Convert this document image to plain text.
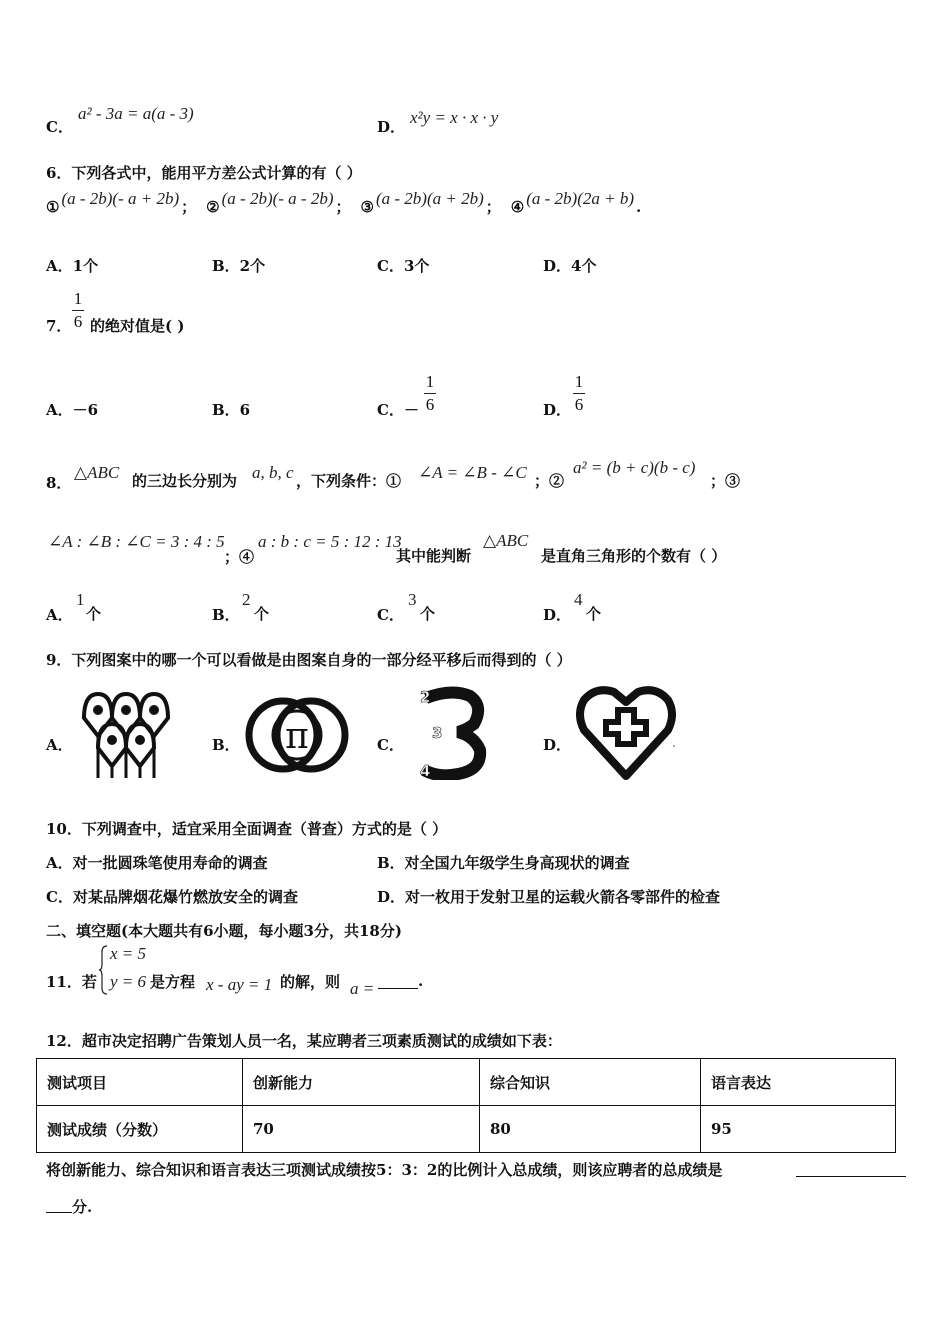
C．
a² - 3a = a(a - 3)
D． x²y = x · x · y
6．下列各式中，能用平方差公式计算的有（ ）
① (a - 2b)(- a + 2b) ； ② (a - 2b)(- a - 2b) ； ③ (a - 2b)(a + 2b) ； ④ (a - 2b)(2a + b) .
A．1个	B．2个	C．3个	D．4个
7．
1
6 的绝对值是( )
A．－6	B．6	C．－
1
6	D．
1
6
8．
△ABC 的三边长分别为 a, b, c ，下列条件：① ∠A = ∠B - ∠C ；②
a² = (b + c)(b - c)
；③
∠A : ∠B : ∠C = 3 : 4 : 5
；④
a : b : c = 5 : 12 : 13
其中能判断
△ABC
是直角三角形的个数有（ ）
A．
1
个	B．
2
个	C．
3
个	D．
4
个
9．下列图案中的哪一个可以看做是由图案自身的一部分经平移后而得到的（ ）
A．	B．	C．	D．
π
2
3
4
10．下列调查中，适宜采用全面调查（普查）方式的是（ ）
A．对一批圆珠笔使用寿命的调查	B．对全国九年级学生身高现状的调查
C．对某品牌烟花爆竹燃放安全的调查	D．对一枚用于发射卫星的运载火箭各零部件的检查
二、填空题(本大题共有6小题，每小题3分，共18分)
11．若
x = 5
y = 6 是方程 x - ay = 1 的解，则 a =	.
12．超市决定招聘广告策划人员一名，某应聘者三项素质测试的成绩如下表：
测试项目	创新能力	综合知识	语言表达
测试成绩（分数）	70	80	95
将创新能力、综合知识和语言表达三项测试成绩按5：3：2的比例计入总成绩，则该应聘者的总成绩是
分.
